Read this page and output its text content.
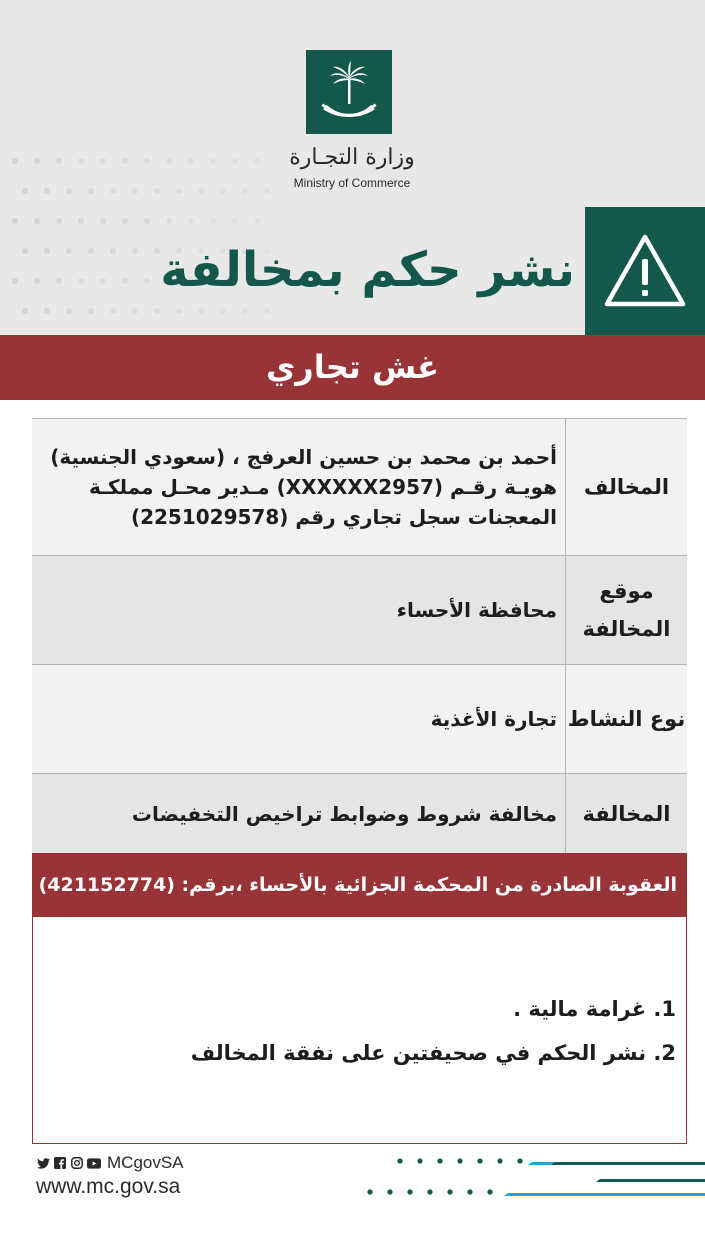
وزارة التجـارة
Ministry of Commerce
نشر حكم بمخالفة
غش تجاري
المخالف
أحمد بن محمد بن حسين العرفج ، (سعودي الجنسية) هويـة رقـم (XXXXXX2957) مـدير محـل مملكـة المعجنات سجل تجاري رقم (2251029578)
موقع المخالفة
محافظة الأحساء
نوع النشاط
تجارة الأغذية
المخالفة
مخالفة شروط وضوابط تراخيص التخفيضات
العقوبة الصادرة من المحكمة الجزائية بالأحساء ،برقم: (421152774)
1. غرامة مالية .
2. نشر الحكم في صحيفتين على نفقة المخالف
MCgovSA
www.mc.gov.sa
